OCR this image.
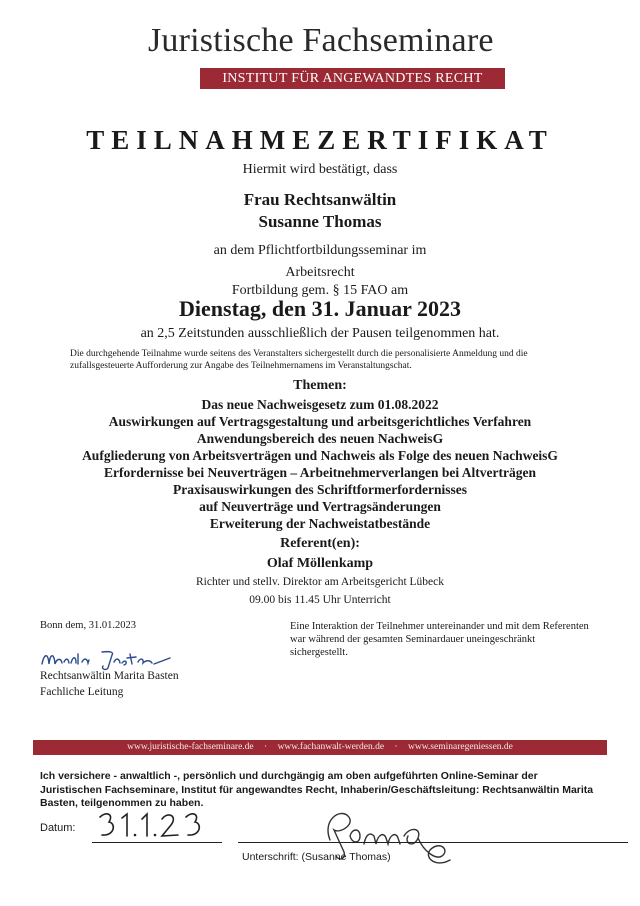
Juristische Fachseminare
INSTITUT FÜR ANGEWANDTES RECHT
TEILNAHMEZERTIFIKAT
Hiermit wird bestätigt, dass
Frau Rechtsanwältin
Susanne Thomas
an dem Pflichtfortbildungsseminar im
Arbeitsrecht
Fortbildung gem. § 15 FAO am
Dienstag, den 31. Januar 2023
an 2,5 Zeitstunden ausschließlich der Pausen teilgenommen hat.
Die durchgehende Teilnahme wurde seitens des Veranstalters sichergestellt durch die personalisierte Anmeldung und die zufallsgesteuerte Aufforderung zur Angabe des Teilnehmernamens im Veranstaltungschat.
Themen:
Das neue Nachweisgesetz zum 01.08.2022
Auswirkungen auf Vertragsgestaltung und arbeitsgerichtliches Verfahren
Anwendungsbereich des neuen NachweisG
Aufgliederung von Arbeitsverträgen und Nachweis als Folge des neuen NachweisG
Erfordernisse bei Neuverträgen – Arbeitnehmerverlangen bei Altverträgen
Praxisauswirkungen des Schriftformerfordernisses
auf Neuverträge und Vertragsänderungen
Erweiterung der Nachweistatbestände
Referent(en):
Olaf Möllenkamp
Richter und stellv. Direktor am Arbeitsgericht Lübeck
09.00 bis 11.45 Uhr Unterricht
Bonn dem, 31.01.2023
Rechtsanwältin Marita Basten
Fachliche Leitung
Eine Interaktion der Teilnehmer untereinander und mit dem Referenten war während der gesamten Seminardauer uneingeschränkt sichergestellt.
www.juristische-fachseminare.de · www.fachanwalt-werden.de · www.seminaregeniessen.de
Ich versichere - anwaltlich -, persönlich und durchgängig am oben aufgeführten Online-Seminar der Juristischen Fachseminare, Institut für angewandtes Recht, Inhaberin/Geschäftsleitung: Rechtsanwältin Marita Basten, teilgenommen zu haben.
Datum:
Unterschrift: (Susanne Thomas)
